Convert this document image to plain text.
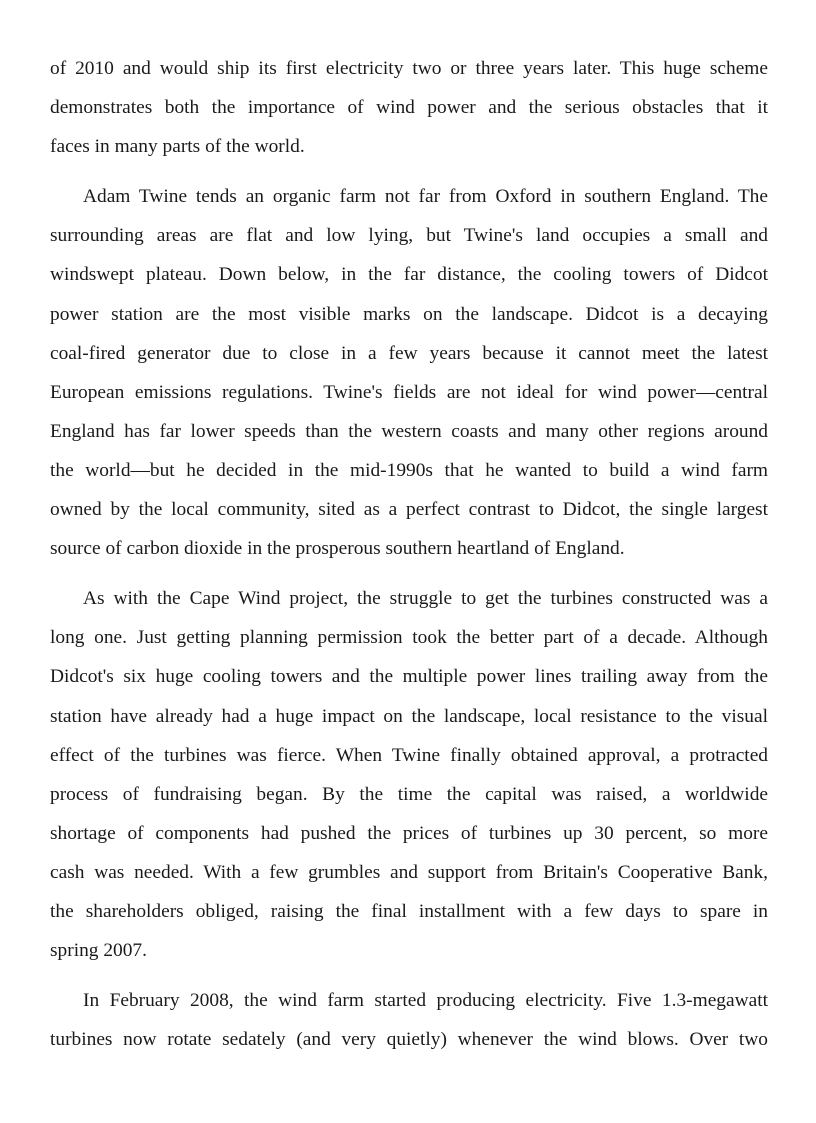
of 2010 and would ship its first electricity two or three years later. This huge scheme
demonstrates both the importance of wind power and the serious obstacles that it
faces in many parts of the world.
Adam Twine tends an organic farm not far from Oxford in southern England. The
surrounding areas are flat and low lying, but Twine's land occupies a small and
windswept plateau. Down below, in the far distance, the cooling towers of Didcot
power station are the most visible marks on the landscape. Didcot is a decaying
coal-fired generator due to close in a few years because it cannot meet the latest
European emissions regulations. Twine's fields are not ideal for wind power—central
England has far lower speeds than the western coasts and many other regions around
the world—but he decided in the mid-1990s that he wanted to build a wind farm
owned by the local community, sited as a perfect contrast to Didcot, the single largest
source of carbon dioxide in the prosperous southern heartland of England.
As with the Cape Wind project, the struggle to get the turbines constructed was a
long one. Just getting planning permission took the better part of a decade. Although
Didcot's six huge cooling towers and the multiple power lines trailing away from the
station have already had a huge impact on the landscape, local resistance to the visual
effect of the turbines was fierce. When Twine finally obtained approval, a protracted
process of fundraising began. By the time the capital was raised, a worldwide
shortage of components had pushed the prices of turbines up 30 percent, so more
cash was needed. With a few grumbles and support from Britain's Cooperative Bank,
the shareholders obliged, raising the final installment with a few days to spare in
spring 2007.
In February 2008, the wind farm started producing electricity. Five 1.3-megawatt
turbines now rotate sedately (and very quietly) whenever the wind blows. Over two
